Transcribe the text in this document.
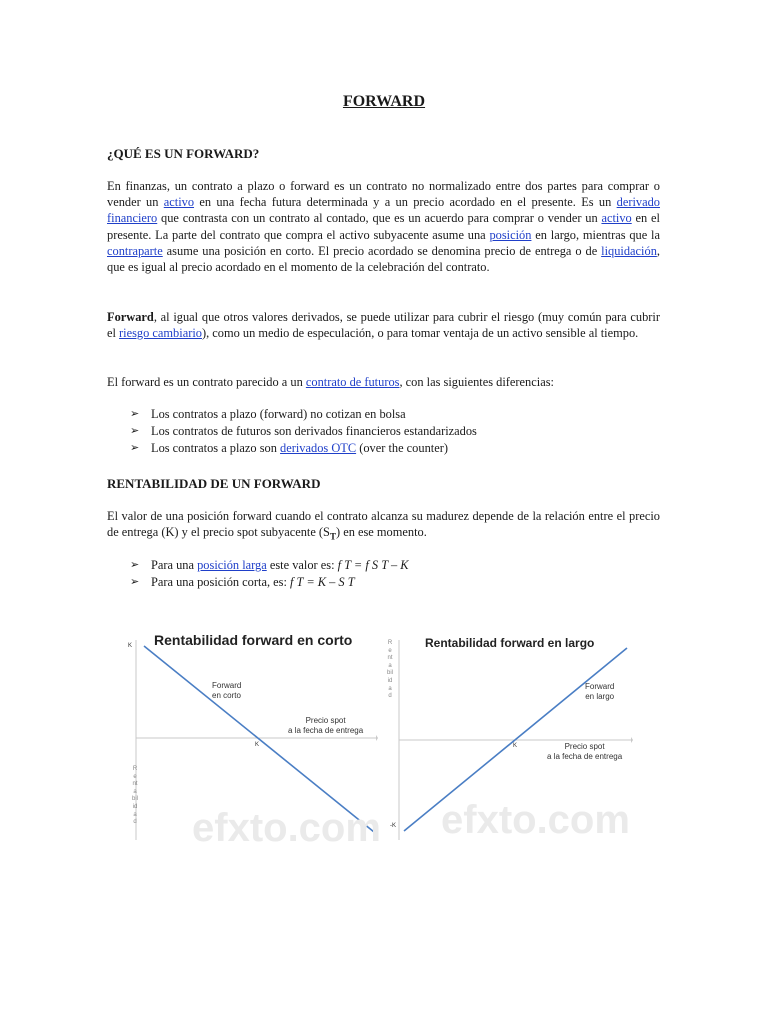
FORWARD
¿QUÉ ES UN FORWARD?

En finanzas, un contrato a plazo o forward es un contrato no normalizado entre dos partes para comprar o vender un activo en una fecha futura determinada y a un precio acordado en el presente. Es un derivado financiero que contrasta con un contrato al contado, que es un acuerdo para comprar o vender un activo en el presente. La parte del contrato que compra el activo subyacente asume una posición en largo, mientras que la contraparte asume una posición en corto. El precio acordado se denomina precio de entrega o de liquidación, que es igual al precio acordado en el momento de la celebración del contrato.

Forward, al igual que otros valores derivados, se puede utilizar para cubrir el riesgo (muy común para cubrir el riesgo cambiario), como un medio de especulación, o para tomar ventaja de un activo sensible al tiempo.

El forward es un contrato parecido a un contrato de futuros, con las siguientes diferencias:

➢ Los contratos a plazo (forward) no cotizan en bolsa
➢ Los contratos de futuros son derivados financieros estandarizados
➢ Los contratos a plazo son derivados OTC (over the counter)
RENTABILIDAD DE UN FORWARD

El valor de una posición forward cuando el contrato alcanza su madurez depende de la relación entre el precio de entrega (K) y el precio spot subyacente $(S_T)$ en ese momento.

➢ Para una posición larga este valor es: f T = f S T – K
➢ Para una posición corta, es: f T = K – S T
Rentabilidad forward en corto
K
K
Rentabilidad
Forward
en corto
Precio spot
a la fecha de entrega
efxto.com
Rentabilidad forward en largo
Rentabilidad
-K
K
Forward
en largo
Precio spot
a la fecha de entrega
efxto.com
